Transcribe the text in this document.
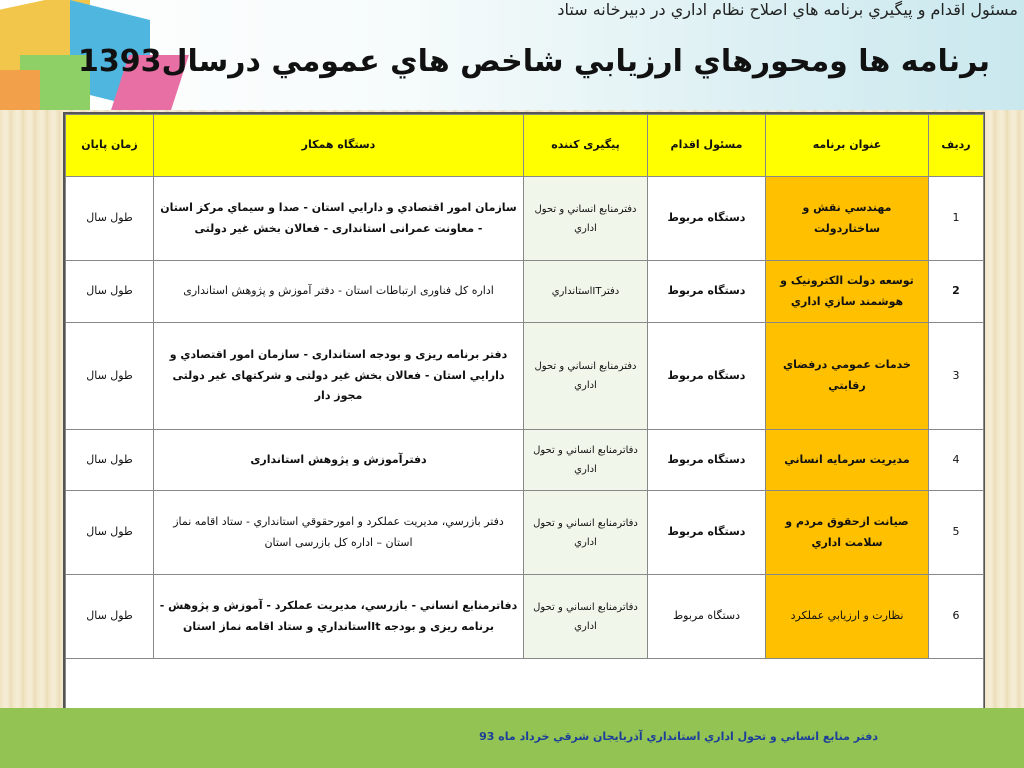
مسئول اقدام و پيگيري برنامه هاي اصلاح نظام اداري در دبيرخانه ستاد
برنامه ها ومحورهاي ارزيابي شاخص هاي عمومي درسال1393
رديف	عنوان برنامه	مسئول اقدام	پیگیری کننده	دستگاه همکار	زمان پایان
1	مهندسي نقش و ساختاردولت	دستگاه مربوط	دفترمنابع انساني و تحول اداري	سازمان امور اقتصادي و دارايي استان - صدا و سيماي مرکز استان - معاونت عمرانی استانداری - فعالان بخش غیر دولتی	طول سال
2	توسعه دولت الکترونیک و هوشمند سازي اداري	دستگاه مربوط	دفترITاستانداري	اداره کل فناوری ارتباطات استان - دفتر آموزش و پژوهش استانداری	طول سال
3	خدمات عمومي درفضاي رقابتي	دستگاه مربوط	دفترمنابع انساني و تحول اداري	دفتر برنامه ریزی و بودجه استانداری - سازمان امور اقتصادي و دارايي استان - فعالان بخش غیر دولتی و شرکتهای غیر دولتی مجوز دار	طول سال
4	مديريت سرمايه انساني	دستگاه مربوط	دفاترمنابع انساني و تحول اداري	دفترآموزش و پژوهش استانداری	طول سال
5	صيانت ازحقوق مردم و سلامت اداري	دستگاه مربوط	دفاترمنابع انساني و تحول اداري	دفتر بازرسي، مديريت عملکرد و امورحقوقي استانداري - ستاد اقامه نماز استان – اداره کل بازرسی استان	طول سال
6	نظارت و ارزيابي عملکرد	دستگاه مربوط	دفاترمنابع انساني و تحول اداري	دفاترمنابع انساني - بازرسي، مديريت عملکرد - آموزش و پژوهش - برنامه ریزی و بودجه Itاستانداري و ستاد اقامه نماز استان	طول سال

دفتر منابع انساني و تحول اداري استانداري آذربايجان شرقي خرداد ماه 93
